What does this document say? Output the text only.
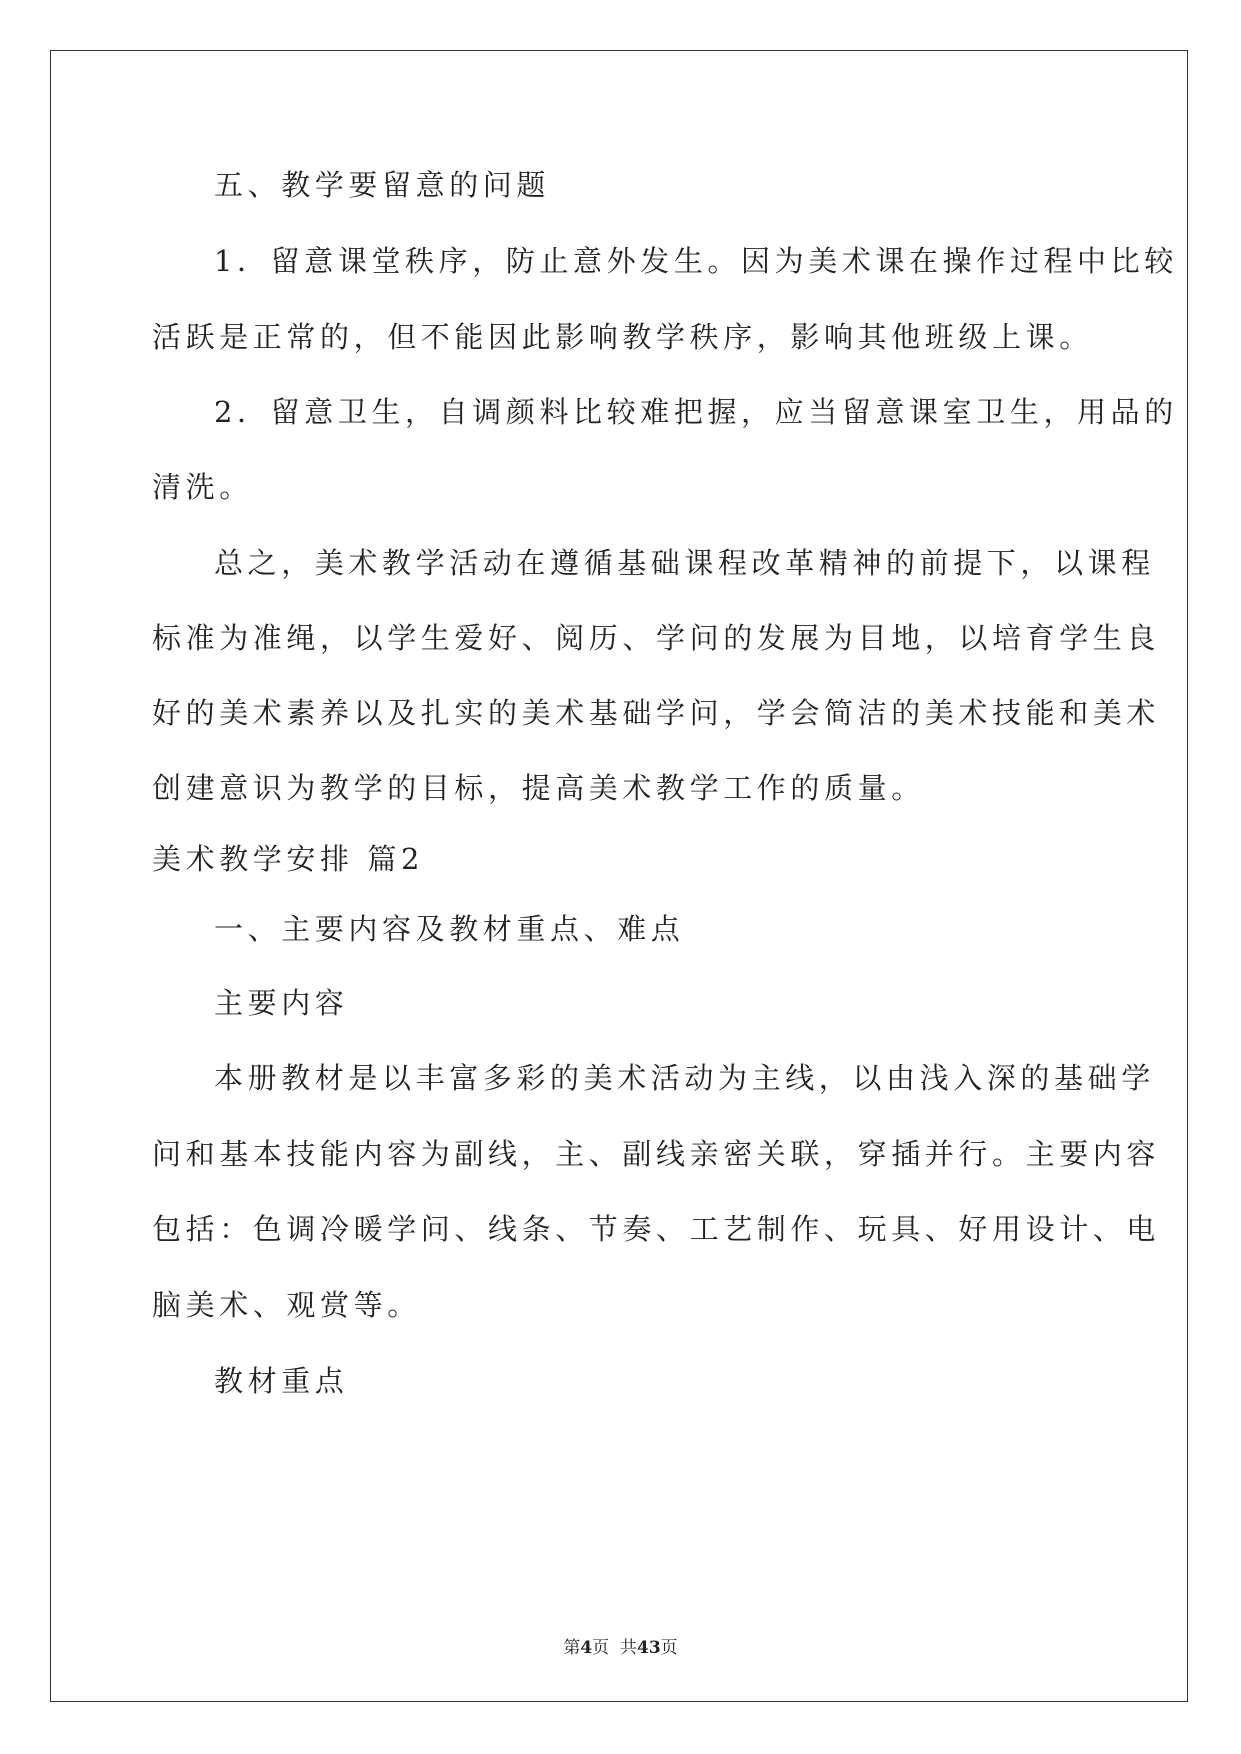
五、教学要留意的问题
1．留意课堂秩序，防止意外发生。因为美术课在操作过程中比较
活跃是正常的，但不能因此影响教学秩序，影响其他班级上课。
2．留意卫生，自调颜料比较难把握，应当留意课室卫生，用品的
清洗。
总之，美术教学活动在遵循基础课程改革精神的前提下，以课程
标准为准绳，以学生爱好、阅历、学问的发展为目地，以培育学生良
好的美术素养以及扎实的美术基础学问，学会简洁的美术技能和美术
创建意识为教学的目标，提高美术教学工作的质量。
美术教学安排 篇2
一、主要内容及教材重点、难点
主要内容
本册教材是以丰富多彩的美术活动为主线，以由浅入深的基础学
问和基本技能内容为副线，主、副线亲密关联，穿插并行。主要内容
包括：色调冷暖学问、线条、节奏、工艺制作、玩具、好用设计、电
脑美术、观赏等。
教材重点
第4页  共43页
